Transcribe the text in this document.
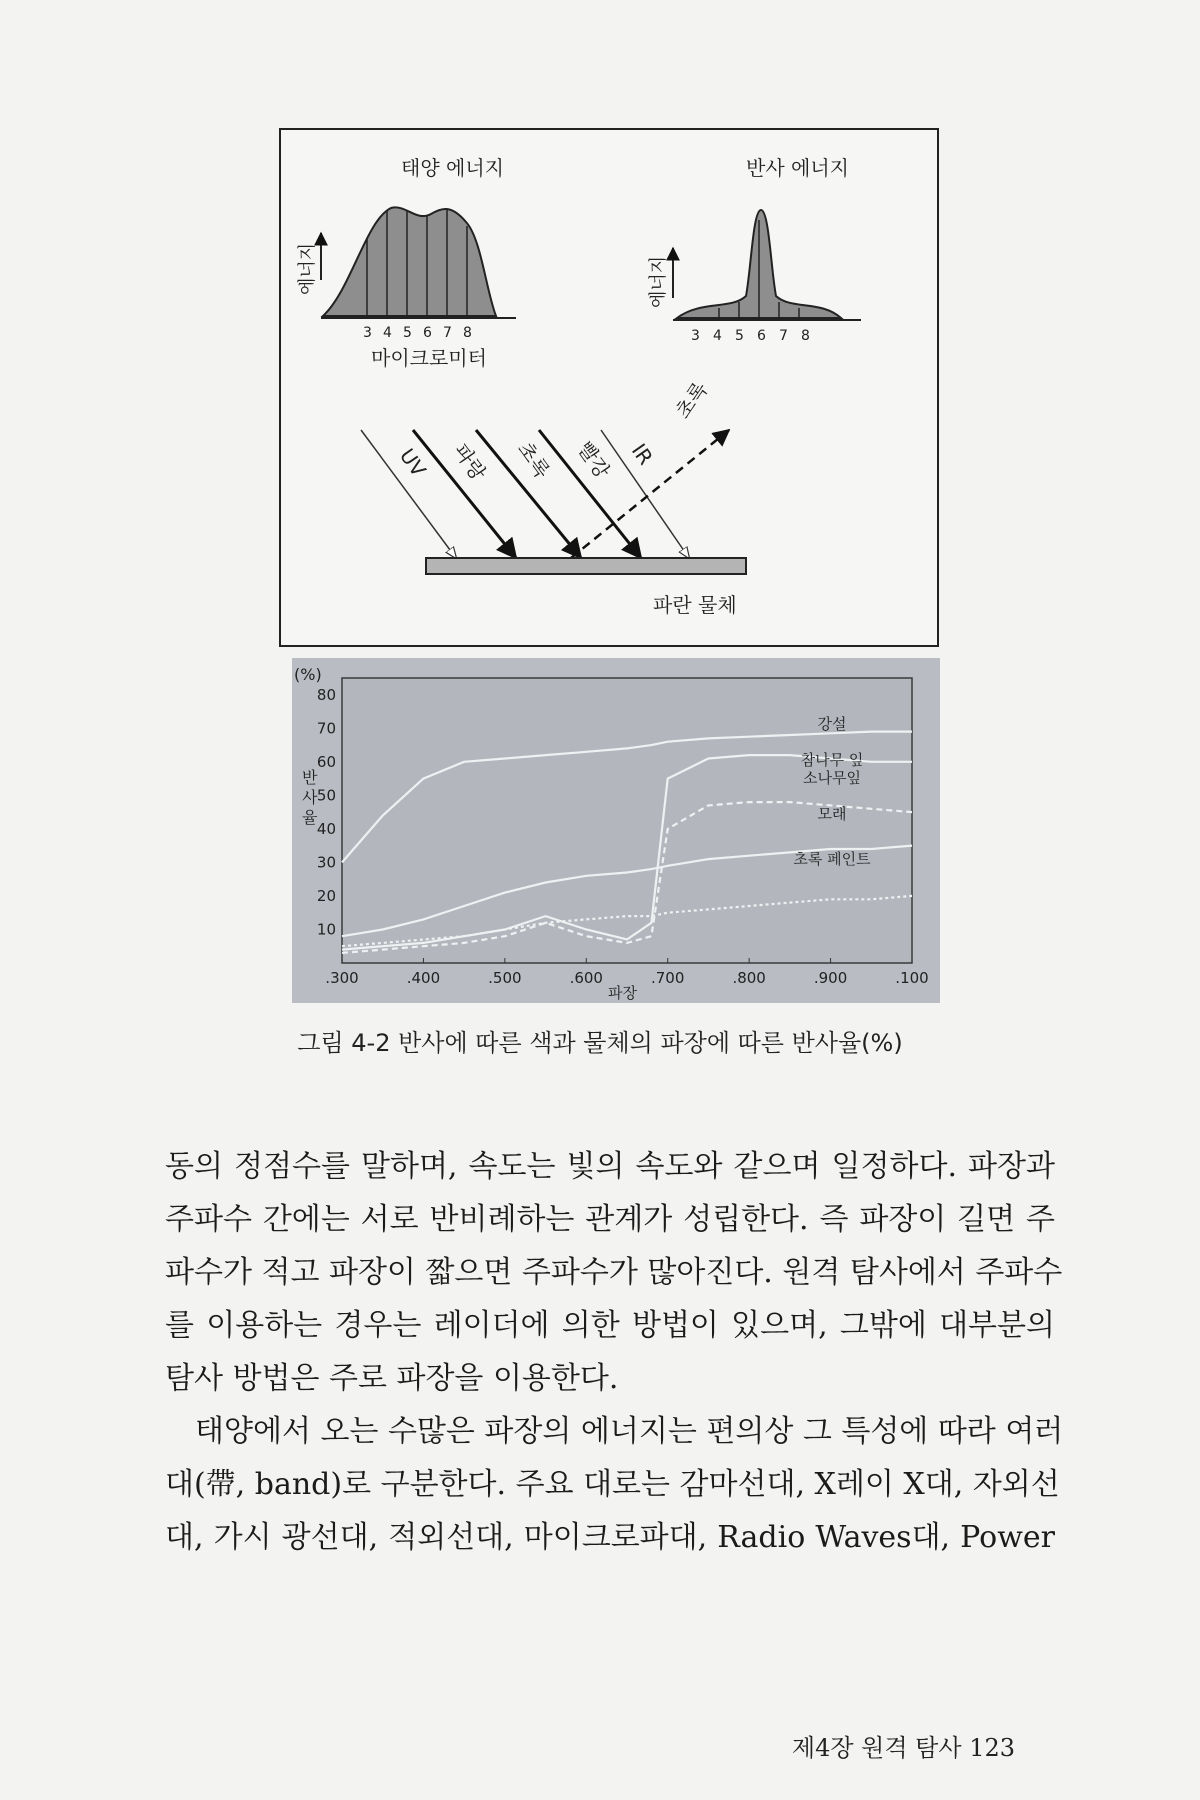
태양 에너지	반사 에너지
에너지
3 4 5 6 7 8
마이크로미터
에너지
3 4 5 6 7 8
UV 파랑 초록 빨강 IR
초록
파란 물체
(%)
반 사 율
80
70
60
50
40
30
20
10
.300	.400	.500	.600	.700	.800	.900	.100
강설
참나무 잎
소나무잎
모래
초록 페인트
파장
그림 4-2 반사에 따른 색과 물체의 파장에 따른 반사율(%)
동의 정점수를 말하며, 속도는 빛의 속도와 같으며 일정하다. 파장과
주파수 간에는 서로 반비례하는 관계가 성립한다. 즉 파장이 길면 주
파수가 적고 파장이 짧으면 주파수가 많아진다. 원격 탐사에서 주파수
를 이용하는 경우는 레이더에 의한 방법이 있으며, 그밖에 대부분의
탐사 방법은 주로 파장을 이용한다.
태양에서 오는 수많은 파장의 에너지는 편의상 그 특성에 따라 여러
대(帶, band)로 구분한다. 주요 대로는 감마선대, X레이 X대, 자외선
대, 가시 광선대, 적외선대, 마이크로파대, Radio Waves대, Power
제4장 원격 탐사 123
